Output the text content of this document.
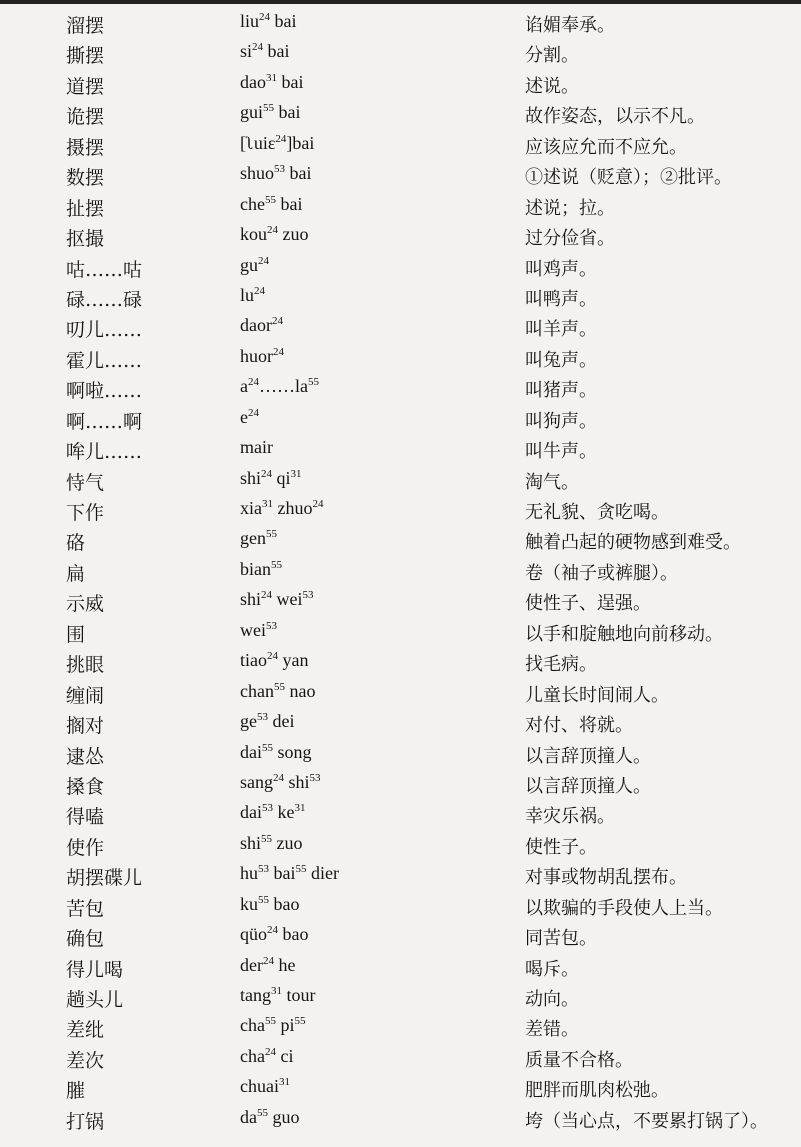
溜摆	liu$^{24}$ bai	谄媚奉承。
撕摆	$si^{24}$ bai	分割。
道摆	dao$^{31}$ bai	述说。
诡摆	gui$^{55}$ bai	故作姿态，以示不凡。
摄摆	[ʅuiɛ$^{24}$]bai	应该应允而不应允。
数摆	shuo$^{53}$ bai	①述说（贬意）；②批评。
扯摆	che$^{55}$ bai	述说；拉。
抠撮	kou$^{24}$ zuo	过分俭省。
咕……咕	$gu^{24}$	叫鸡声。
碌……碌	$lu^{24}$	叫鸭声。
叨儿……	daor$^{24}$	叫羊声。
霍儿……	huor$^{24}$	叫兔声。
啊啦……	$a^{24}\dots\dots la^{55}$	叫猪声。
啊……啊	$e^{24}$	叫狗声。
哞儿……	mair	叫牛声。
恃气	shi$^{24}$ $qi^{31}$	淘气。
下作	xia$^{31}$ zhuo$^{24}$	无礼貌、贪吃喝。
硌	gen$^{55}$	触着凸起的硬物感到难受。
扁	bian$^{55}$	卷（袖子或裤腿）。
示威	shi$^{24}$ wei$^{53}$	使性子、逞强。
围	wei$^{53}$	以手和腚触地向前移动。
挑眼	tiao$^{24}$ yan	找毛病。
缠闹	chan$^{55}$ nao	儿童长时间闹人。
搁对	$ge^{53}$ dei	对付、将就。
逮怂	dai$^{55}$ song	以言辞顶撞人。
搡食	sang$^{24}$ shi$^{53}$	以言辞顶撞人。
得嗑	dai$^{53}$ $ke^{31}$	幸灾乐祸。
使作	shi$^{55}$ zuo	使性子。
胡摆碟儿	$hu^{53}$ bai$^{55}$ dier	对事或物胡乱摆布。
苦包	$ku^{55}$ bao	以欺骗的手段使人上当。
确包	qüo$^{24}$ bao	同苦包。
得儿喝	der$^{24}$ he	喝斥。
趟头儿	tang$^{31}$ tour	动向。
差纰	cha$^{55}$ $pi^{55}$	差错。
差次	cha$^{24}$ ci	质量不合格。
膗	chuai$^{31}$	肥胖而肌肉松弛。
打锅	$da^{55}$ guo	垮（当心点，不要累打锅了）。
